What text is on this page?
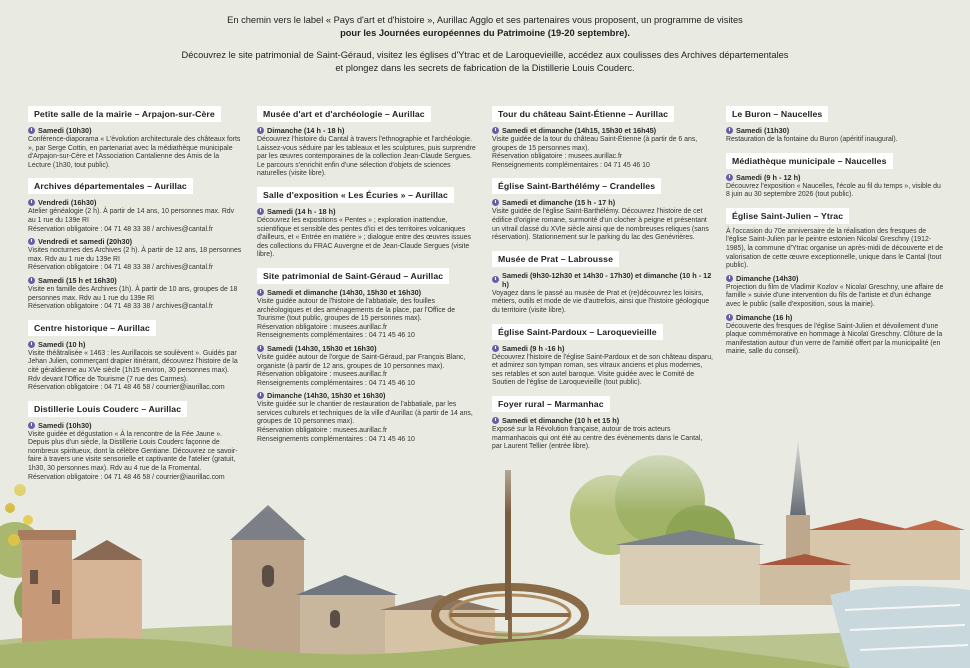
En chemin vers le label « Pays d'art et d'histoire », Aurillac Agglo et ses partenaires vous proposent, un programme de visites
pour les Journées européennes du Patrimoine (19-20 septembre).

Découvrez le site patrimonial de Saint-Géraud, visitez les églises d'Ytrac et de Laroquevieille, accédez aux coulisses des Archives départementales
et plongez dans les secrets de fabrication de la Distillerie Louis Couderc.

Petite salle de la mairie – Arpajon-sur-Cère
Samedi (10h30)
Conférence-diaporama « L'évolution architecturale des châteaux forts », par Serge Cottin, en partenariat avec la médiathèque municipale d'Arpajon-sur-Cère et l'Association Cantalienne des Amis de la Lecture (1h30, tout public).
Archives départementales – Aurillac
Vendredi (16h30)
Atelier généalogie (2 h). À partir de 14 ans, 10 personnes max. Rdv au 1 rue du 139e RI
Réservation obligatoire : 04 71 48 33 38 / archives@cantal.fr
Vendredi et samedi (20h30)
Visites nocturnes des Archives (2 h). À partir de 12 ans, 18 personnes max. Rdv au 1 rue du 139e RI
Réservation obligatoire : 04 71 48 33 38 / archives@cantal.fr
Samedi (15 h et 16h30)
Visite en famille des Archives (1h). À partir de 10 ans, groupes de 18 personnes max. Rdv au 1 rue du 139e RI
Réservation obligatoire : 04 71 48 33 38 / archives@cantal.fr
Centre historique – Aurillac
Samedi (10 h)
Visite théâtralisée « 1463 : les Aurillacois se soulèvent ». Guidés par Jehan Julien, commerçant drapier itinérant, découvrez l'histoire de la cité géraldienne au XVe siècle (1h15 environ, 30 personnes max). Rdv devant l'Office de Tourisme (7 rue des Carmes).
Réservation obligatoire : 04 71 48 46 58 / courrier@iaurillac.com
Distillerie Louis Couderc – Aurillac
Samedi (10h30)
Visite guidée et dégustation « À la rencontre de la Fée Jaune ». Depuis plus d'un siècle, la Distillerie Louis Couderc façonne de nombreux spiritueux, dont la célèbre Gentiane. Découvrez ce savoir-faire à travers une visite sensorielle et captivante de l'atelier (gratuit, 1h30, 30 personnes max). Rdv au 4 rue de la Fromental.
Réservation obligatoire : 04 71 48 46 58 / courrier@iaurillac.com
Musée d'art et d'archéologie – Aurillac
Dimanche (14 h - 18 h)
Découvrez l'histoire du Cantal à travers l'ethnographie et l'archéologie. Laissez-vous séduire par les tableaux et les sculptures, puis surprendre par les œuvres contemporaines de la collection Jean-Claude Sergues. Le parcours s'enrichit enfin d'une sélection d'objets de sciences naturelles (visite libre).
Salle d'exposition « Les Écuries » – Aurillac
Samedi (14 h - 18 h)
Découvrez les expositions « Pentes » ; exploration inattendue, scientifique et sensible des pentes d'ici et des territoires volcaniques d'ailleurs, et « Entrée en matière » ; dialogue entre des œuvres issues des collections du FRAC Auvergne et de Jean-Claude Sergues (visite libre).
Site patrimonial de Saint-Géraud – Aurillac
Samedi et dimanche (14h30, 15h30 et 16h30)
Visite guidée autour de l'histoire de l'abbatiale, des fouilles archéologiques et des aménagements de la place, par l'Office de Tourisme (tout public, groupes de 15 personnes max).
Réservation obligatoire : musees.aurillac.fr
Renseignements complémentaires : 04 71 45 46 10
Samedi (14h30, 15h30 et 16h30)
Visite guidée autour de l'orgue de Saint-Géraud, par François Blanc, organiste (à partir de 12 ans, groupes de 10 personnes max).
Réservation obligatoire : musees.aurillac.fr
Renseignements complémentaires : 04 71 45 46 10
Dimanche (14h30, 15h30 et 16h30)
Visite guidée sur le chantier de restauration de l'abbatiale, par les services culturels et techniques de la ville d'Aurillac (à partir de 14 ans, groupes de 10 personnes max).
Réservation obligatoire : musees.aurillac.fr
Renseignements complémentaires : 04 71 45 46 10
Tour du château Saint-Étienne – Aurillac
Samedi et dimanche (14h15, 15h30 et 16h45)
Visite guidée de la tour du château Saint-Étienne (à partir de 6 ans, groupes de 15 personnes max).
Réservation obligatoire : musees.aurillac.fr
Renseignements complémentaires : 04 71 45 46 10
Église Saint-Barthélémy – Crandelles
Samedi et dimanche (15 h - 17 h)
Visite guidée de l'église Saint-Barthélémy. Découvrez l'histoire de cet édifice d'origine romane, surmonté d'un clocher à peigne et présentant un vitrail classé du XVIe siècle ainsi que de nombreuses reliques (sans réservation). Stationnement sur le parking du lac des Genévrières.
Musée de Prat – Labrousse
Samedi (9h30-12h30 et 14h30 - 17h30) et dimanche (10 h - 12 h)
Voyagez dans le passé au musée de Prat et (re)découvrez les loisirs, métiers, outils et mode de vie d'autrefois, ainsi que l'histoire géologique du territoire (visite libre).
Église Saint-Pardoux – Laroquevieille
Samedi (9 h -16 h)
Découvrez l'histoire de l'église Saint-Pardoux et de son château disparu, et admirez son tympan roman, ses vitraux anciens et plus modernes, ses retables et son autel baroque. Visite guidée avec le Comité de Soutien de l'église de Laroquevieille (tout public).
Foyer rural – Marmanhac
Samedi et dimanche (10 h et 15 h)
Exposé sur la Révolution française, autour de trois acteurs marmanhacois qui ont été au centre des évènements dans le Cantal, par Laurent Tellier (entrée libre).
Le Buron – Naucelles
Samedi (11h30)
Restauration de la fontaine du Buron (apéritif inaugural).
Médiathèque municipale – Naucelles
Samedi (9 h - 12 h)
Découvrez l'exposition « Naucelles, l'école au fil du temps », visible du 8 juin au 30 septembre 2026 (tout public).
Église Saint-Julien – Ytrac
À l'occasion du 70e anniversaire de la réalisation des fresques de l'église Saint-Julien par le peintre estonien Nicolaï Greschny (1912-1985), la commune d'Ytrac organise un après-midi de découverte et de valorisation de cette œuvre exceptionnelle, unique dans le Cantal (tout public).
Dimanche (14h30)
Projection du film de Vladimir Kozlov « Nicolaï Greschny, une affaire de famille » suivie d'une intervention du fils de l'artiste et d'un échange avec le public (salle d'exposition, sous la mairie).
Dimanche (16 h)
Découverte des fresques de l'église Saint-Julien et dévoilement d'une plaque commémorative en hommage à Nicolaï Greschny. Clôture de la manifestation autour d'un verre de l'amitié offert par la municipalité (en mairie, salle du conseil).
